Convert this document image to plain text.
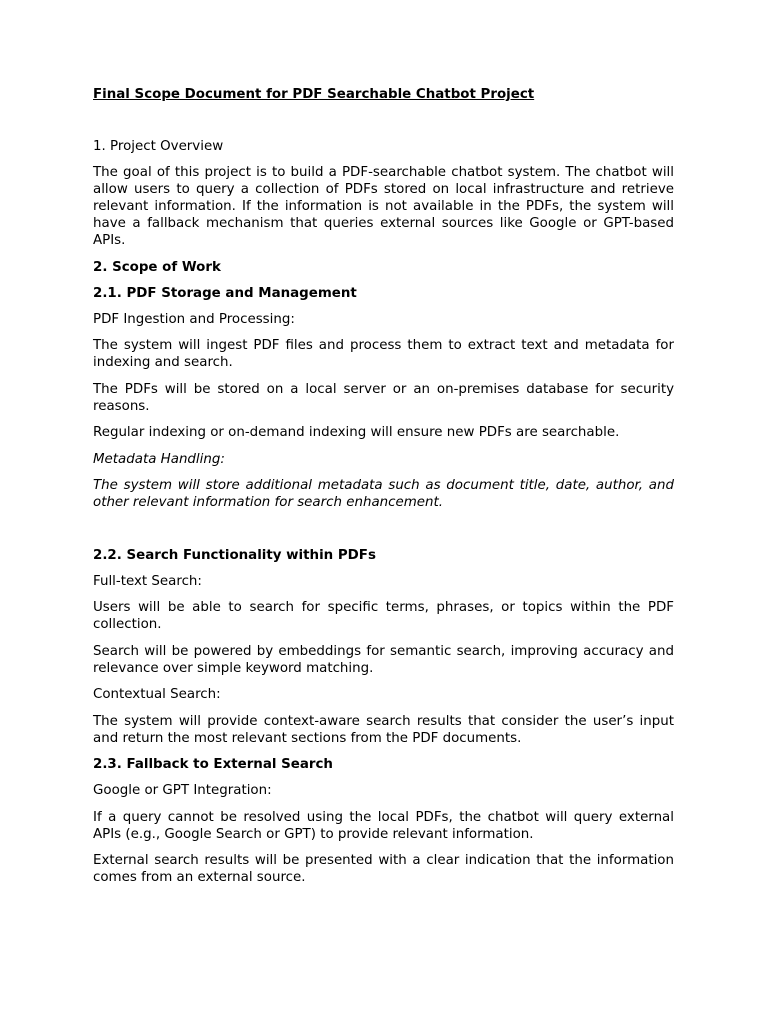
Final Scope Document for PDF Searchable Chatbot Project
1. Project Overview
The goal of this project is to build a PDF-searchable chatbot system. The chatbot will allow users to query a collection of PDFs stored on local infrastructure and retrieve relevant information. If the information is not available in the PDFs, the system will have a fallback mechanism that queries external sources like Google or GPT-based APIs.
2. Scope of Work
2.1. PDF Storage and Management
PDF Ingestion and Processing:
The system will ingest PDF files and process them to extract text and metadata for indexing and search.
The PDFs will be stored on a local server or an on-premises database for security reasons.
Regular indexing or on-demand indexing will ensure new PDFs are searchable.
Metadata Handling:
The system will store additional metadata such as document title, date, author, and other relevant information for search enhancement.
2.2. Search Functionality within PDFs
Full-text Search:
Users will be able to search for specific terms, phrases, or topics within the PDF collection.
Search will be powered by embeddings for semantic search, improving accuracy and relevance over simple keyword matching.
Contextual Search:
The system will provide context-aware search results that consider the user’s input and return the most relevant sections from the PDF documents.
2.3. Fallback to External Search
Google or GPT Integration:
If a query cannot be resolved using the local PDFs, the chatbot will query external APIs (e.g., Google Search or GPT) to provide relevant information.
External search results will be presented with a clear indication that the information comes from an external source.
